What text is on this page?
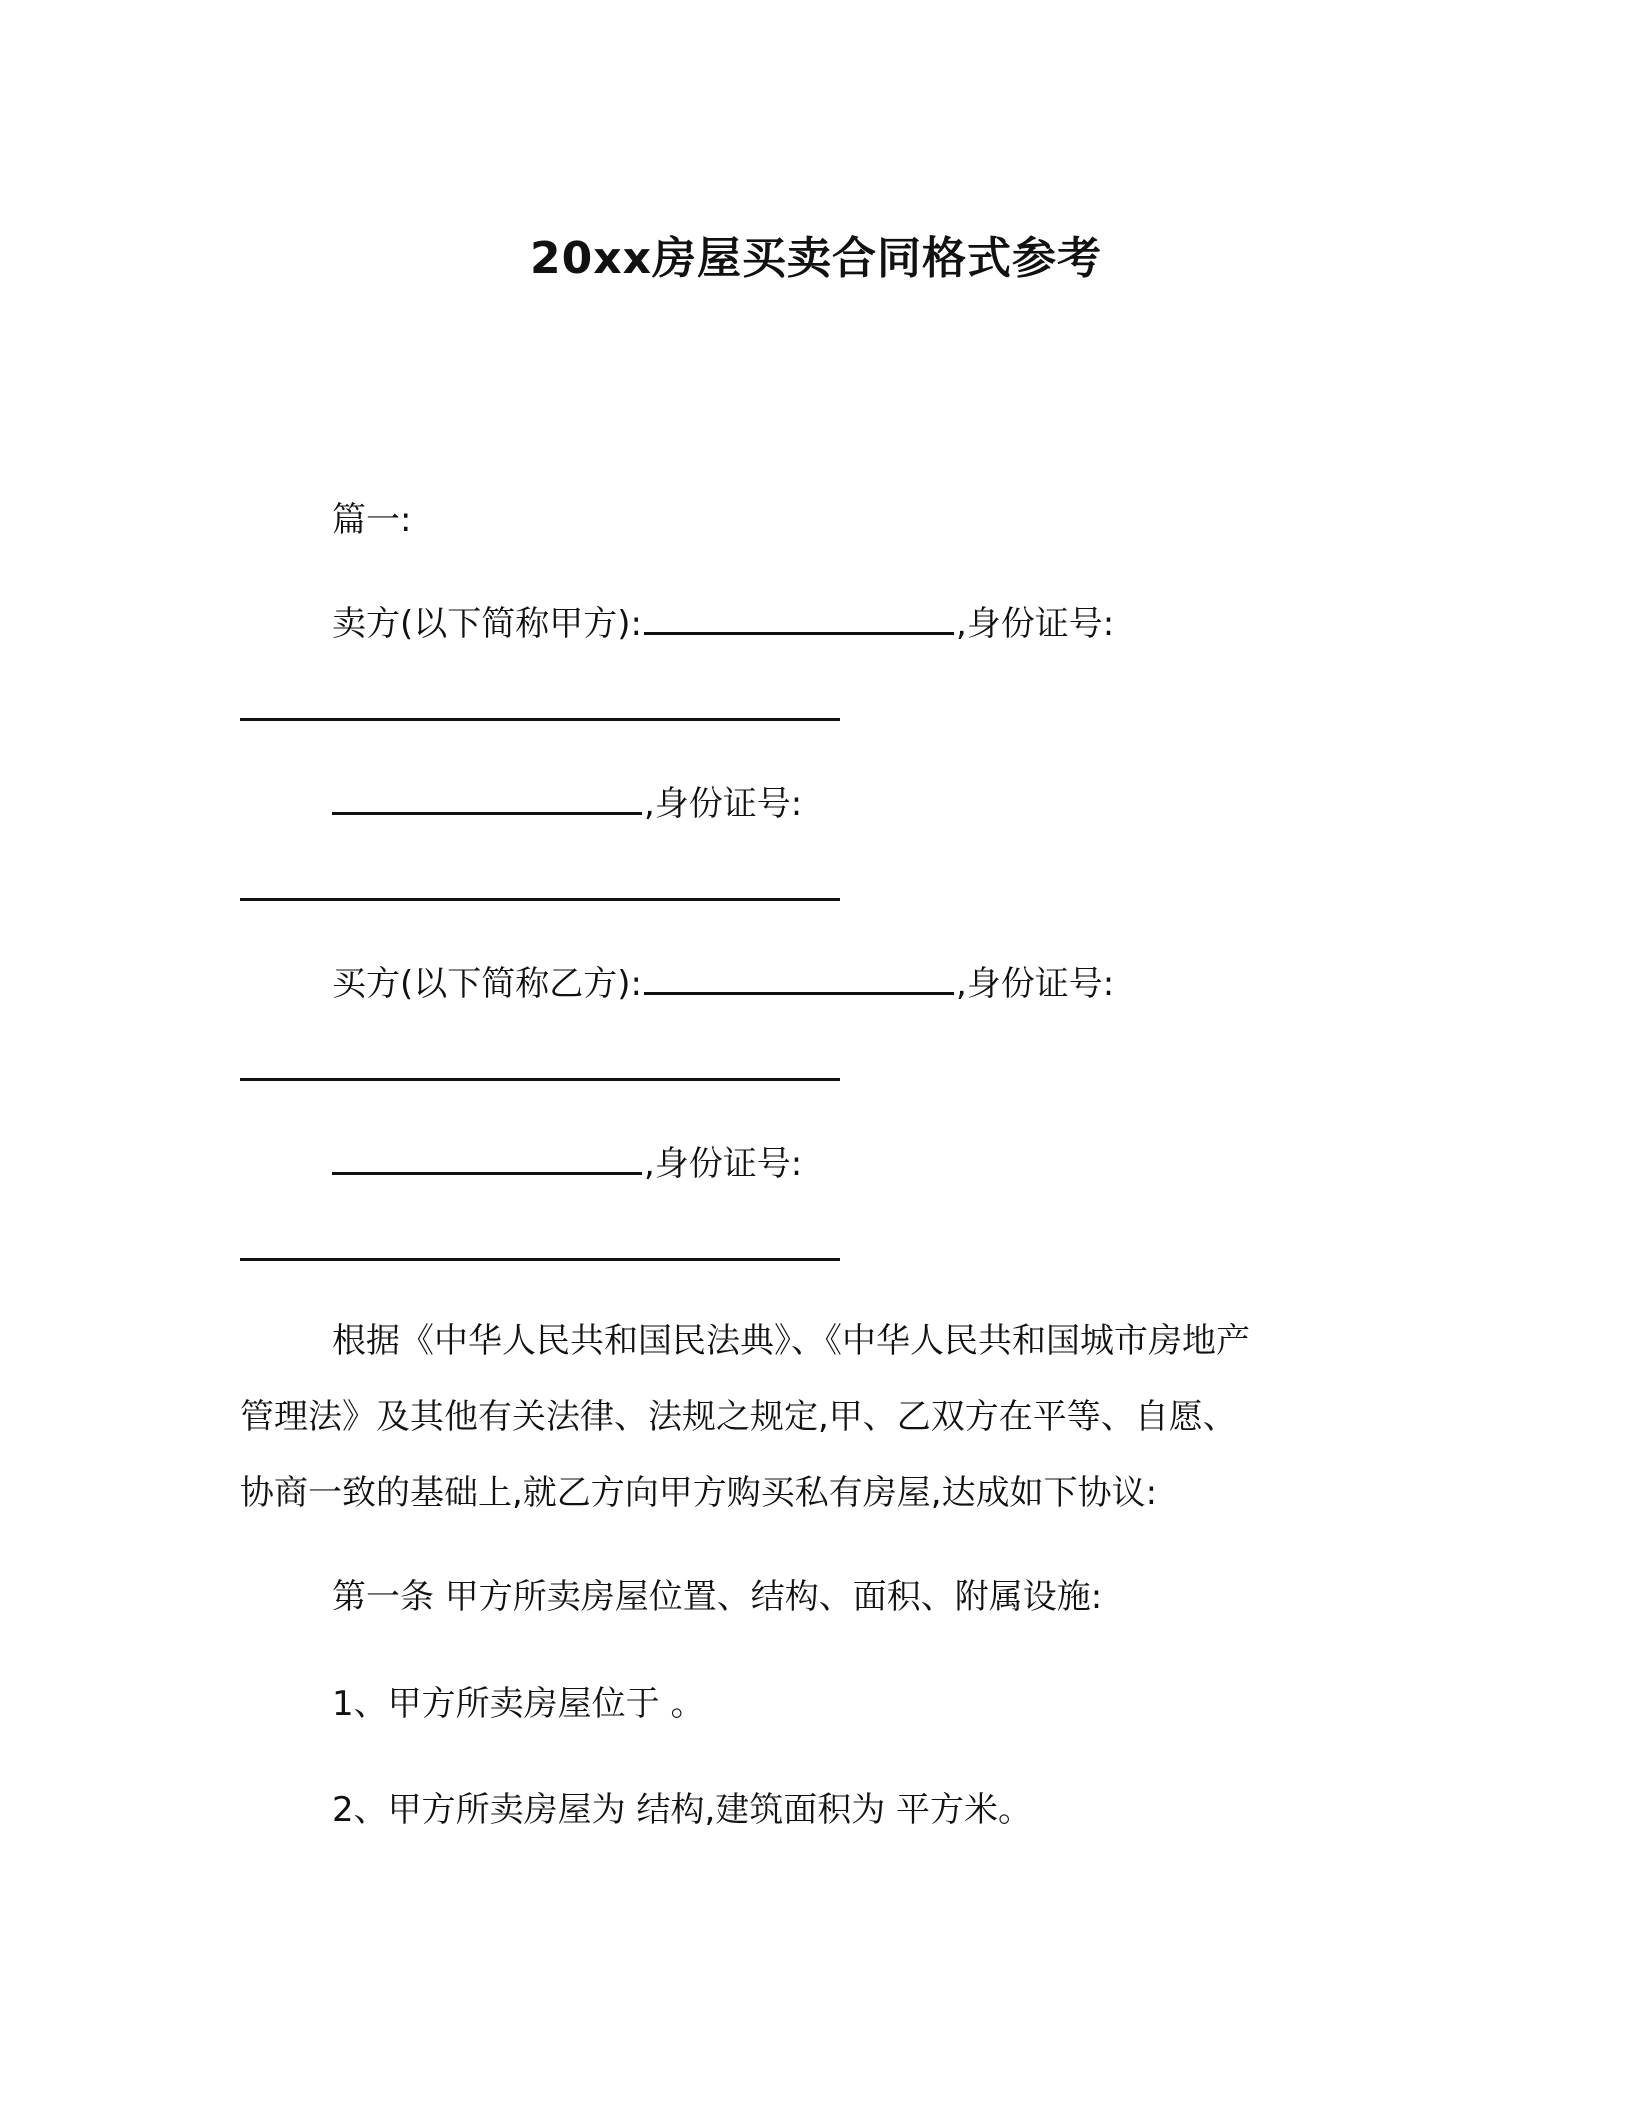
20xx房屋买卖合同格式参考
篇一:
卖方(以下简称甲方):	,身份证号:
,身份证号:
买方(以下简称乙方):	,身份证号:
,身份证号:
根据《中华人民共和国民法典》、《中华人民共和国城市房地产
管理法》及其他有关法律、法规之规定,甲、乙双方在平等、自愿、
协商一致的基础上,就乙方向甲方购买私有房屋,达成如下协议:
第一条 甲方所卖房屋位置、结构、面积、附属设施:
1、甲方所卖房屋位于 。
2、甲方所卖房屋为 结构,建筑面积为 平方米。
